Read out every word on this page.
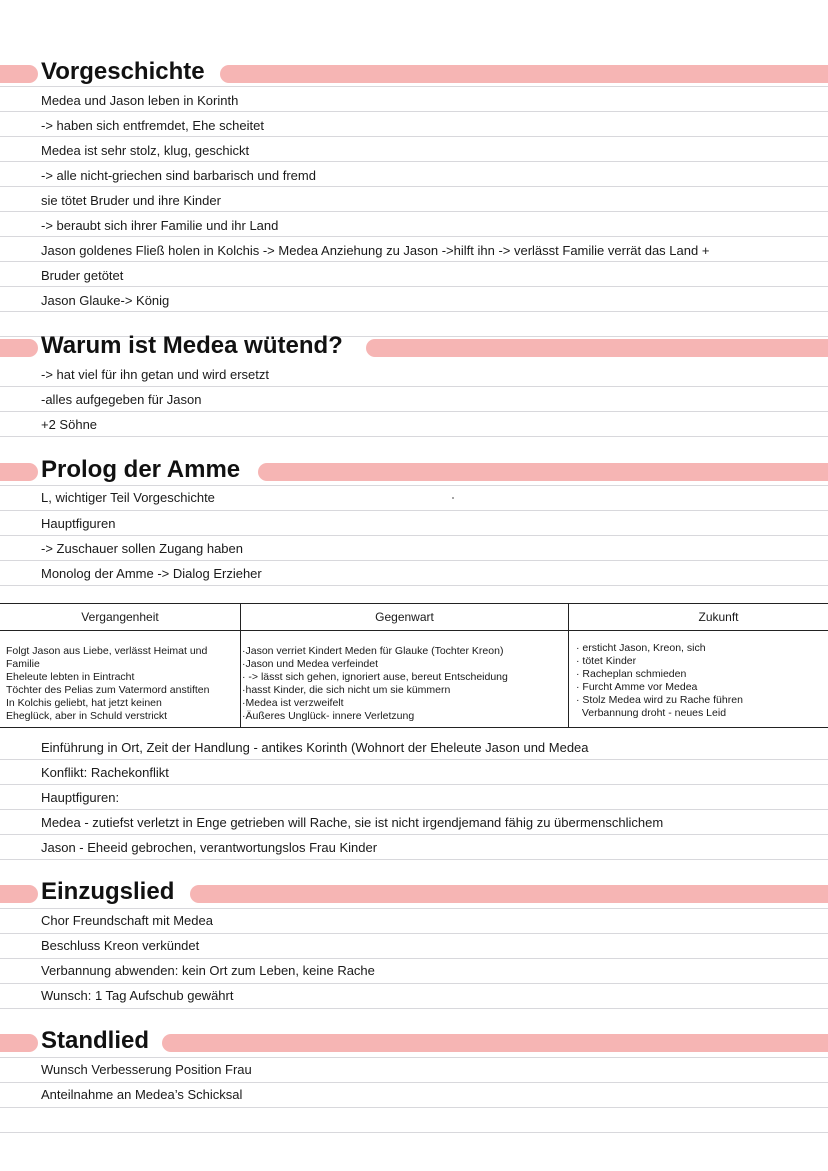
Vorgeschichte
Medea und Jason leben in Korinth
-> haben sich entfremdet, Ehe scheitet
Medea ist sehr stolz, klug, geschickt
-> alle nicht-griechen sind barbarisch und fremd
sie tötet Bruder und ihre Kinder
-> beraubt sich ihrer Familie und ihr Land
Jason goldenes Fließ holen in Kolchis -> Medea Anziehung zu Jason ->hilft ihn -> verlässt Familie verrät das Land +
Bruder getötet
Jason Glauke-> König
Warum ist Medea wütend?
-> hat viel für ihn getan und wird ersetzt
-alles aufgegeben für Jason
+2 Söhne
Prolog der Amme
L, wichtiger Teil Vorgeschichte
Hauptfiguren
-> Zuschauer sollen Zugang haben
Monolog der Amme -> Dialog Erzieher
Vergangenheit	Gegenwart	Zukunft
Folgt Jason aus Liebe, verlässt Heimat und
Familie
Eheleute lebten in Eintracht
Töchter des Pelias zum Vatermord anstiften
In Kolchis geliebt, hat jetzt keinen
Eheglück, aber in Schuld verstrickt
·Jason verriet Kindert Meden für Glauke (Tochter Kreon)
·Jason und Medea verfeindet
· -> lässt sich gehen, ignoriert ause, bereut Entscheidung
·hasst Kinder, die sich nicht um sie kümmern
·Medea ist verzweifelt
·Äußeres Unglück- innere Verletzung
· ersticht Jason, Kreon, sich
· tötet Kinder
· Racheplan schmieden
· Furcht Amme vor Medea
· Stolz Medea wird zu Rache führen
Verbannung droht - neues Leid
Einführung in Ort, Zeit der Handlung - antikes Korinth (Wohnort der Eheleute Jason und Medea
Konflikt: Rachekonflikt
Hauptfiguren:
Medea - zutiefst verletzt in Enge getrieben will Rache, sie ist nicht irgendjemand fähig zu übermenschlichem
Jason - Eheeid gebrochen, verantwortungslos Frau Kinder
Einzugslied
Chor Freundschaft mit Medea
Beschluss Kreon verkündet
Verbannung abwenden: kein Ort zum Leben, keine Rache
Wunsch: 1 Tag Aufschub gewährt
Standlied
Wunsch Verbesserung Position Frau
Anteilnahme an Medea’s Schicksal
